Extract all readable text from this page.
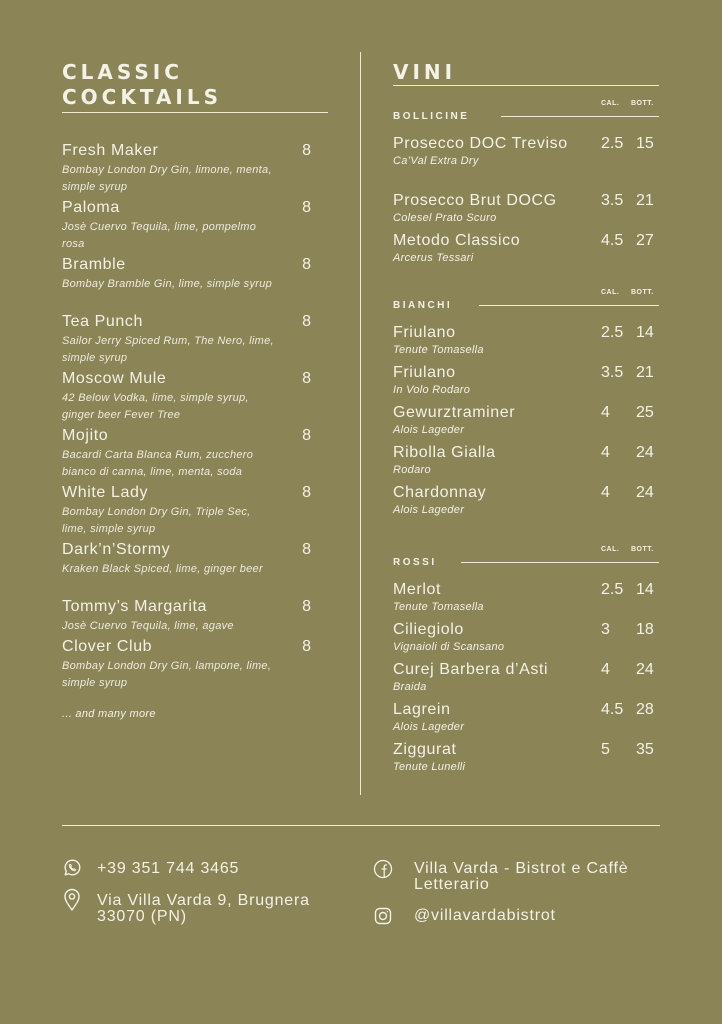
CLASSIC
COCKTAILS
Fresh Maker	8
Bombay London Dry Gin, limone, menta, simple syrup
Paloma	8
Josè Cuervo Tequila, lime, pompelmo rosa
Bramble	8
Bombay Bramble Gin, lime, simple syrup
Tea Punch	8
Sailor Jerry Spiced Rum, The Nero, lime, simple syrup
Moscow Mule	8
42 Below Vodka, lime, simple syrup, ginger beer Fever Tree
Mojito	8
Bacardi Carta Blanca Rum, zucchero bianco di canna, lime, menta, soda
White Lady	8
Bombay London Dry Gin, Triple Sec, lime, simple syrup
Dark’n’Stormy	8
Kraken Black Spiced, lime, ginger beer
Tommy’s Margarita	8
Josè Cuervo Tequila, lime, agave
Clover Club	8
Bombay London Dry Gin, lampone, lime, simple syrup
... and many more
VINI
BOLLICINE
CAL. BOTT.
Prosecco DOC Treviso
Ca’Val Extra Dry
2.5 15
Prosecco Brut DOCG
Colesel Prato Scuro
3.5 21
Metodo Classico
Arcerus Tessari
4.5 27
BIANCHI
CAL. BOTT.
Friulano
Tenute Tomasella
2.5 14
Friulano
In Volo Rodaro
3.5 21
Gewurztraminer
Alois Lageder
4 25
Ribolla Gialla
Rodaro
4 24
Chardonnay
Alois Lageder
4 24
ROSSI
CAL. BOTT.
Merlot
Tenute Tomasella
2.5 14
Ciliegiolo
Vignaioli di Scansano
3 18
Curej Barbera d’Asti
Braida
4 24
Lagrein
Alois Lageder
4.5 28
Ziggurat
Tenute Lunelli
5 35
+39 351 744 3465
Via Villa Varda 9, Brugnera
33070 (PN)
Villa Varda - Bistrot e Caffè
Letterario
@villavardabistrot
